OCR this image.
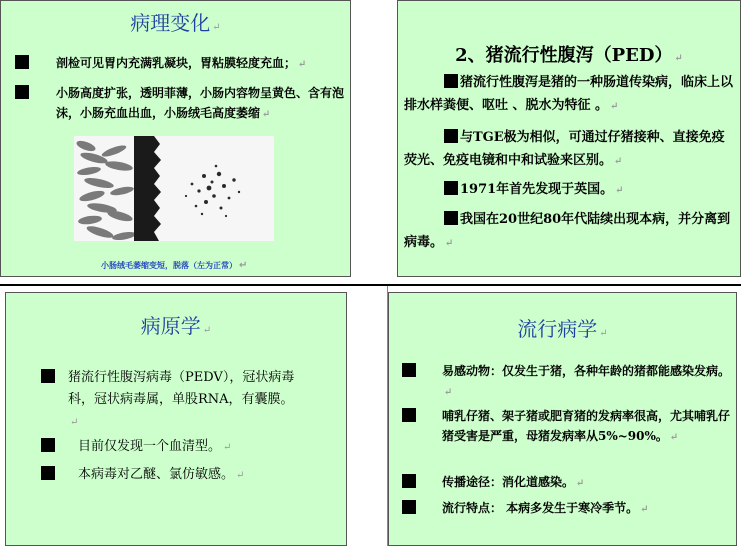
病理变化 ↵
剖检可见胃内充满乳凝块，胃粘膜轻度充血； ↵
小肠高度扩张，透明菲薄，小肠内容物呈黄色、含有泡沫，小肠充血出血，小肠绒毛高度萎缩 ↵
小肠绒毛萎缩变短，脱落（左为正常） ↵
2、猪流行性腹泻（PED） ↵
猪流行性腹泻是猪的一种肠道传染病，临床上以排水样粪便、呕吐 、脱水为特征 。 ↵
与TGE极为相似，可通过仔猪接种、直接免疫荧光、免疫电镜和中和试验来区别。 ↵
1971年首先发现于英国。 ↵
我国在20世纪80年代陆续出现本病，并分离到病毒。 ↵
病原学 ↵
猪流行性腹泻病毒（PEDV），冠状病毒科，冠状病毒属，单股RNA，有囊膜。↵
目前仅发现一个血清型。 ↵
本病毒对乙醚、氯仿敏感。 ↵
流行病学 ↵
易感动物：仅发生于猪，各种年龄的猪都能感染发病。↵
哺乳仔猪、架子猪或肥育猪的发病率很高，尤其哺乳仔猪受害是严重，母猪发病率从5%~90%。 ↵
传播途径：消化道感染。 ↵
流行特点： 本病多发生于寒冷季节。 ↵
